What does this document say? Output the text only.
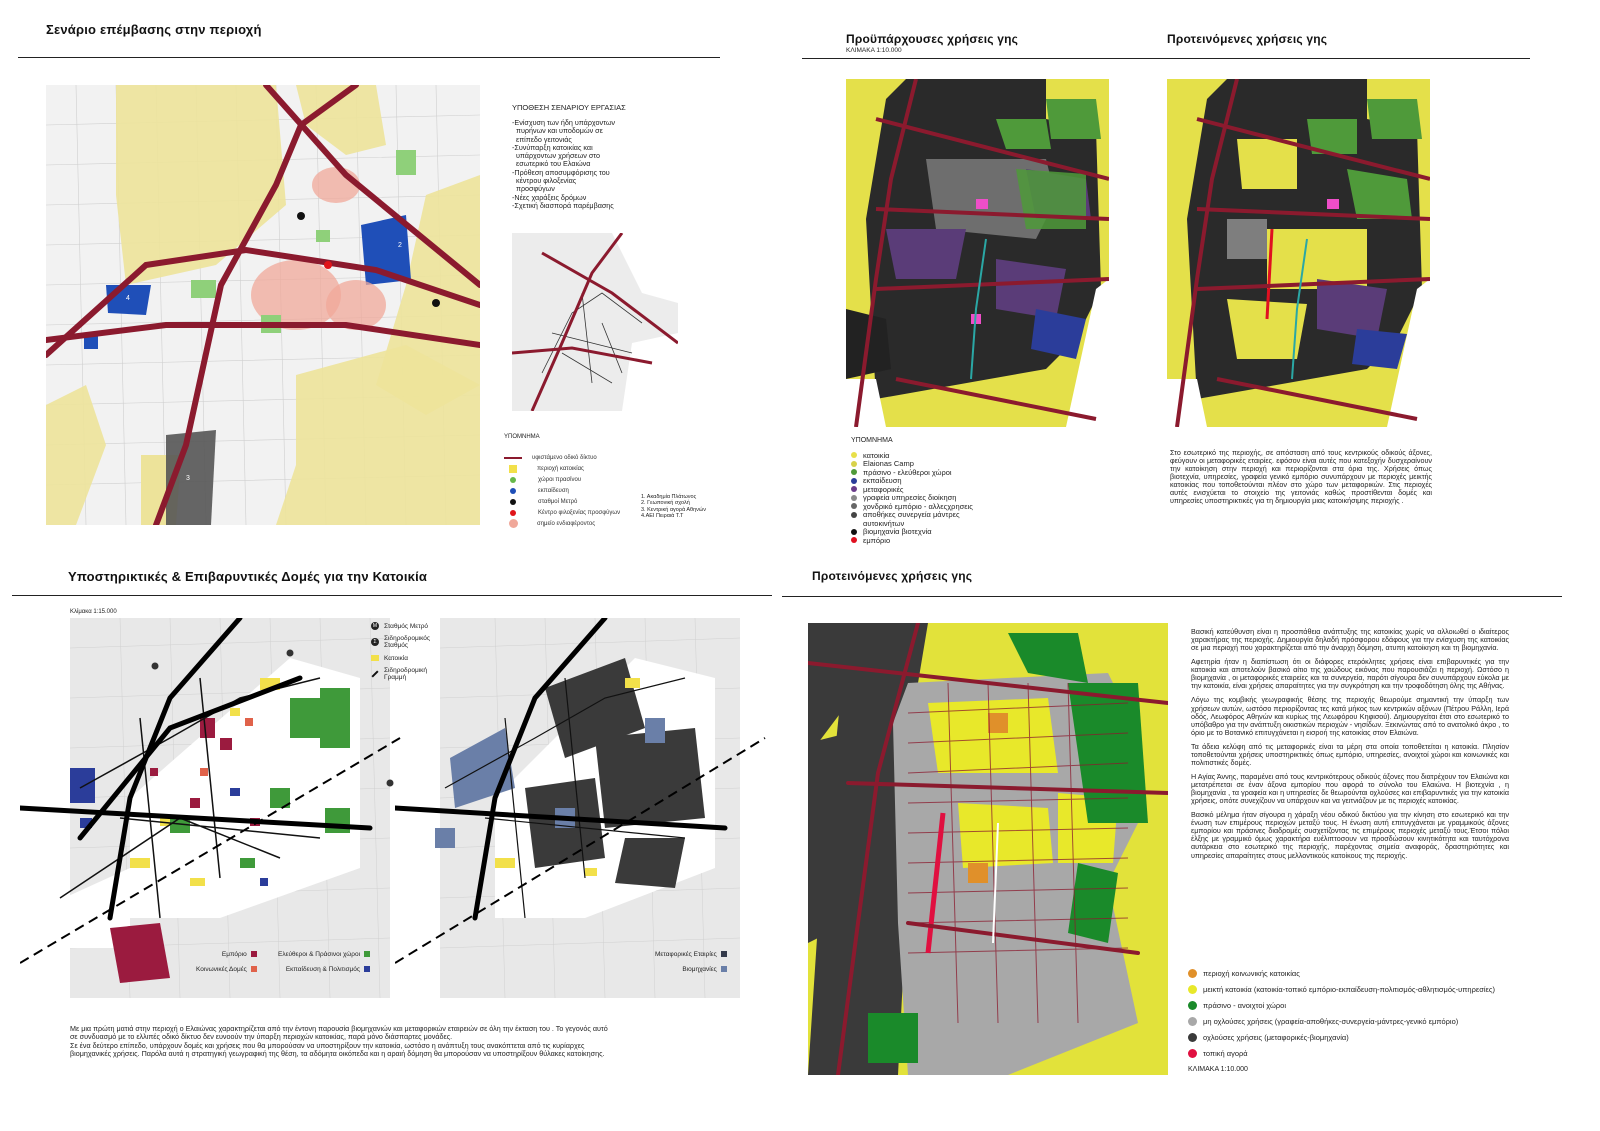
Σενάριο επέμβασης στην περιοχή
2
4
3
ΥΠΟΘΕΣΗ ΣΕΝΑΡΙΟΥ ΕΡΓΑΣΙΑΣ
-Ενίσχυση των ήδη υπάρχοντων
πυρήνων και υποδομών σε
επίπεδο γειτονιάς
-Συνύπαρξη κατοικίας και
υπάρχοντων χρήσεων στο
εσωτερικό του Ελαιώνα
-Πρόθεση αποσυμφόρισης του
κέντρου φιλοξενίας
προσφύγων
-Νέες χαράξεις δρόμων
-Σχετική διασπορά παρέμβασης
ΥΠΟΜΝΗΜΑ
υφιστάμενο οδικό δίκτυο
περιοχή κατοικίας
χώροι πρασίνου
εκπαίδευση
σταθμοί Μετρό
Κέντρο φιλοξενίας προσφύγων
σημείο ενδιαφέροντος
1. Ακαδημία Πλάτωνος
2. Γεωπονική σχολή
3. Κεντρική αγορά Αθηνών
4.ΑΕΙ Πειραιά Τ.Τ
Προϋπάρχουσες χρήσεις γης
ΚΛΙΜΑΚΑ 1:10.000
Προτεινόμενες χρήσεις γης
ΥΠΟΜΝΗΜΑ
κατοικία
Elaionas Camp
πράσινο - ελεύθεροι χώροι
εκπαίδευση
μεταφορικές
γραφεία υπηρεσίες διοίκηση
χονδρικό εμπόριο - αλλεςχρησεις
αποθήκες συνεργεία μάντρες
αυτοκινήτων
βιομηχανία βιοτεχνία
εμπόριο
Στο εσωτερικό της περιοχής, σε απόσταση από τους κεντρικούς οδικούς άξονες, φεύγουν οι μεταφορικές εταιρίες. εφόσον είναι αυτές που κατεξοχήν δυσχεραίνουν την κατοίκηση στην περιοχή και περιορίζονται στα όρια της. Χρήσεις όπως βιοτεχνία, υπηρεσίες, γραφεία γενικό εμπόριο συνυπάρχουν με περιοχές μεικτής κατοικίας που τοποθετούνται πλέον στο χώρο των μεταφορικών. Στις περιοχές αυτές ενισχύεται το στοιχείο της γειτονιάς καθώς προστίθενται δομές και υπηρεσίες υποστηρικτικές για τη δημιουργία μιας κατοικήσιμης περιοχής .
Υποστηρικτικές & Επιβαρυντικές Δομές για την Κατοικία
Κλίμακα 1:15.000
M Σταθμός Μετρό
Σ
Σιδηροδρομικός Σταθμός
Κατοικία
Σιδηροδρομική Γραμμή
Εμπόριο
Κοινωνικές Δομές
Ελεύθεροι & Πράσινοι χώροι
Εκπαίδευση & Πολιτισμός
Μεταφορικές Εταιρίες
Βιομηχανίες
Με μια πρώτη ματιά στην περιοχή ο Ελαιώνας χαρακτηρίζεται από την έντονη παρουσία βιομηχανιών και μεταφορικών εταιρειών σε όλη την έκταση του . Το γεγονός αυτό
σε συνδυασμό με το ελλιπές οδικό δίκτυο δεν ευνοούν την ύπαρξη περιοχών κατοικίας, παρά μόνο διάσπαρτες μονάδες.
Σε ένα δεύτερο επίπεδο, υπάρχουν δομές και χρήσεις που θα μπορούσαν να υποστηρίξουν την κατοικία, ωστόσο η ανάπτυξη τους ανακόπτεται από τις κυρίαρχες
βιομηχανικές χρήσεις. Παρόλα αυτά η στρατηγική γεωγραφική της θέση, τα αδόμητα οικόπεδα και η αραιή δόμηση θα μπορούσαν να υποστηρίξουν θύλακες κατοίκησης.
Προτεινόμενες χρήσεις γης

Βασική κατεύθυνση είναι η προσπάθεια ανάπτυξης της κατοικίας χωρίς να αλλοιωθεί ο ιδιαίτερος χαρακτήρας της περιοχής. Δημιουργία δηλαδή πρόσφορου εδάφους για την ενίσχυση της κατοικίας σε μια περιοχή που χαρακτηρίζεται από την άναρχη δόμηση, ατυπη κατοίκηση και τη βιομηχανία.

Αφετηρία ήταν η διαπίστωση ότι οι διάφορες ετερόκλητες χρήσεις είναι επιβαρυντικές για την κατοικία και αποτελούν βασικό αίτιο της χαώδους εικόνας που παρουσιάζει η περιοχή. Ωστόσο η βιομηχανία , οι μεταφορικές εταιρείες και τα συνεργεία, παρότι σίγουρα δεν συνυπάρχουν εύκολα με την κατοικία, είναι χρήσεις απαραίτητες για την συγκρότηση και την τροφοδότηση όλης της Αθήνας.

Λόγω της κομβικής γεωγραφικής θέσης της περιοχής θεωρούμε σημαντική την ύπαρξη των χρήσεων αυτών, ωστόσο περιορίζοντας τες κατά μήκος των κεντρικών αξόνων (Πέτρου Ράλλη, Ιερά οδός, Λεωφόρος Αθηνών και κυρίως της Λεωφόρου Κηφισού). Δημιουργείται έτσι στο εσωτερικό το υπόβαθρο για την ανάπτυξη οικιστικών περιοχών - νησίδων. Ξεκινώντας από το ανατολικό άκρο , το όριο με το Βοτανικό επιτυγχάνεται η εισροή της κατοικίας στον Ελαιώνα.

Τα άδεια κελύφη από τις μεταφορικές είναι τα μέρη στα οποία τοποθετείται η κατοικία. Πλησίον τοποθετούνται χρήσεις υποστηρικτικές όπως εμπόριο, υπηρεσίες, ανοιχτοί χώροι και κοινωνικές και πολιτιστικές δομές.

Η Αγίας Άννης, παραμένει από τους κεντρικότερους οδικούς άξονες που διατρέχουν τον Ελαιώνα και μετατρέπεται σε έναν άξονα εμπορίου που αφορά το σύνολο του Ελαιώνα. Η βιοτεχνία , η βιομηχανία , τα γραφεία και η υπηρεσίες δε θεωρούνται οχλούσες και επιβαρυντικές για την κατοικία χρήσεις, οπότε συνεχίζουν να υπάρχουν και να γειτνιάζουν με τις περιοχές κατοικίας.

Βασικό μέλημα ήταν σίγουρα η χάραξη νέου οδικού δικτύου για την κίνηση στο εσωτερικό και την ένωση των επιμέρους περιοχών μεταξύ τους. Η ένωση αυτή επιτυγχάνεται με γραμμικούς άξονες εμπορίου και πράσινες διαδρομές συσχετίζοντας τις επιμέρους περιοχές μεταξύ τους.Έτσοι πόλοι έλξης με γραμμικό όμως χαρακτήρα ευέλιπτοσουν να προσδώσουν κινητικότητα και ταυτόχρονα αυτάρκεια στο εσωτερικό της περιοχής, παρέχοντας σημεία αναφοράς, δραστηριότητες και υπηρεσίες απαραίτητες στους μελλοντικούς κατοίκους της περιοχής.

περιοχή κοινωνικής κατοικίας
μεικτή κατοικία (κατοικία-τοπικό εμπόριο-εκπαίδευση-πολιτισμός-αθλητισμός-υπηρεσίες)
πράσινο - ανοιχτοί χώροι
μη οχλούσες χρήσεις (γραφεία-αποθήκες-συνεργεία-μάντρες-γενικό εμπόριο)
οχλούσες χρήσεις (μεταφορικές-βιομηχανία)
τοπική αγορά
ΚΛΙΜΑΚΑ 1:10.000
